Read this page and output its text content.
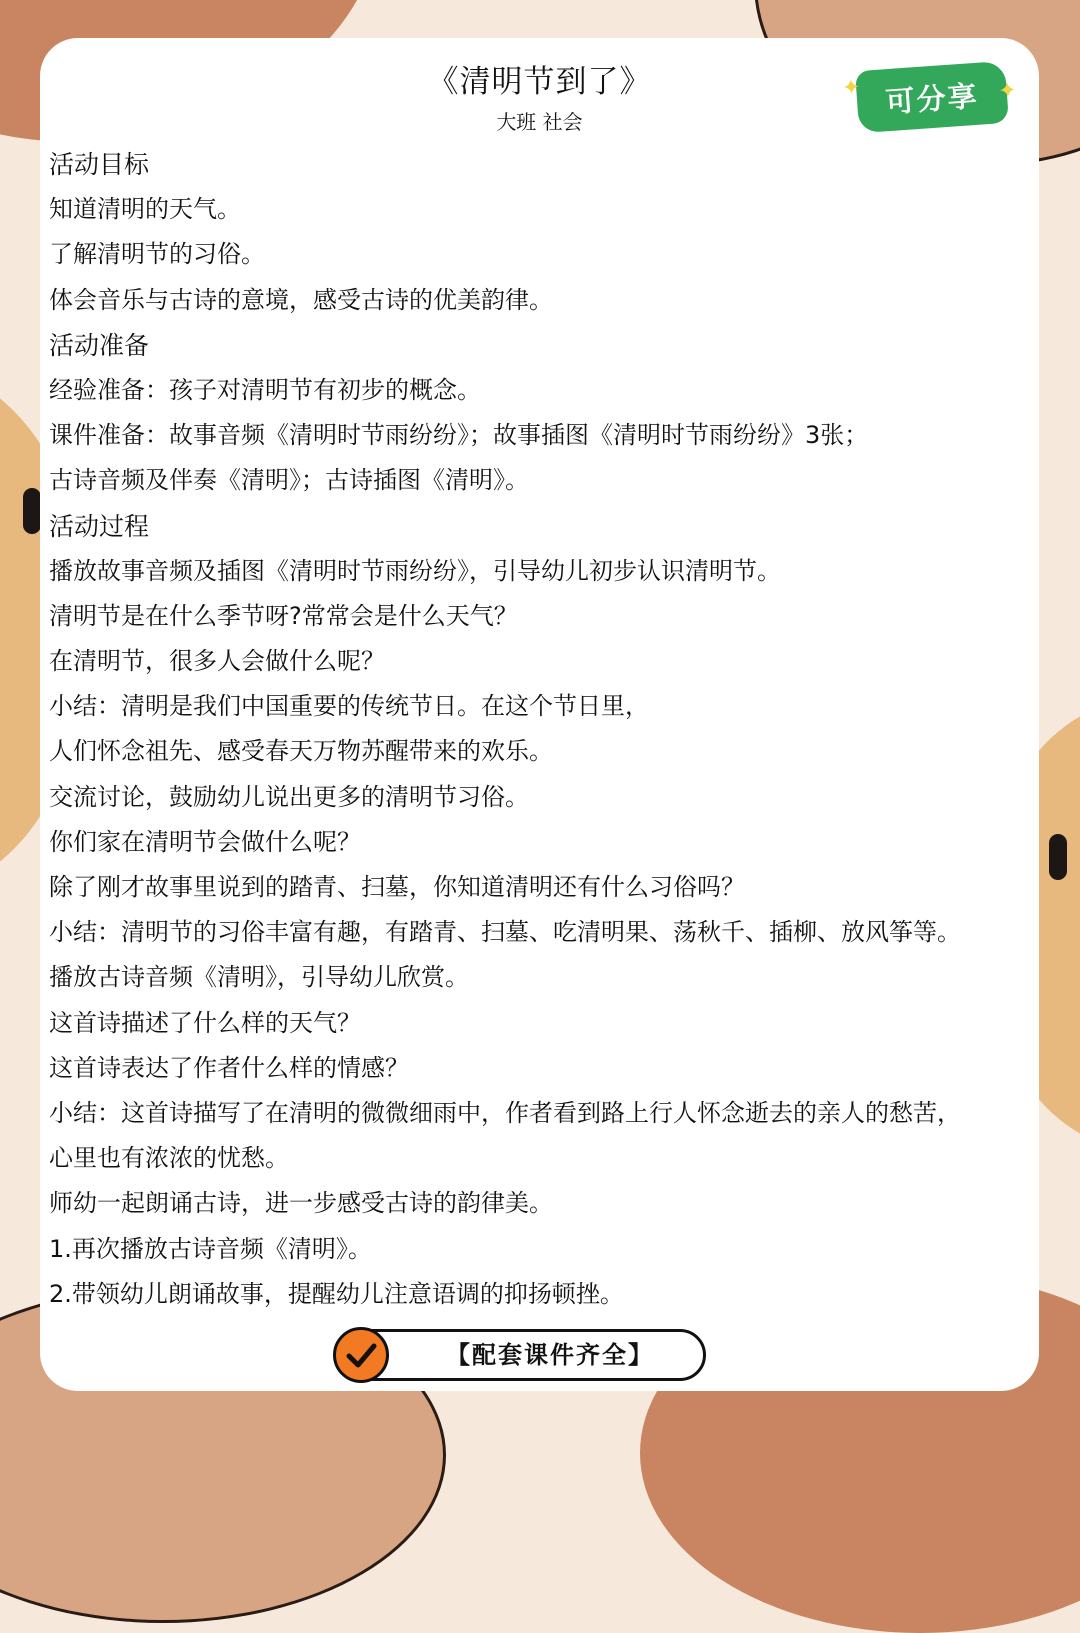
《清明节到了》
大班 社会
✦ 可分享 ✦
活动目标
知道清明的天气。
了解清明节的习俗。
体会音乐与古诗的意境，感受古诗的优美韵律。
活动准备
经验准备：孩子对清明节有初步的概念。
课件准备：故事音频《清明时节雨纷纷》；故事插图《清明时节雨纷纷》3张；
古诗音频及伴奏《清明》；古诗插图《清明》。
活动过程
播放故事音频及插图《清明时节雨纷纷》，引导幼儿初步认识清明节。
清明节是在什么季节呀?常常会是什么天气？
在清明节，很多人会做什么呢？
小结：清明是我们中国重要的传统节日。在这个节日里，
人们怀念祖先、感受春天万物苏醒带来的欢乐。
交流讨论，鼓励幼儿说出更多的清明节习俗。
你们家在清明节会做什么呢？
除了刚才故事里说到的踏青、扫墓，你知道清明还有什么习俗吗？
小结：清明节的习俗丰富有趣，有踏青、扫墓、吃清明果、荡秋千、插柳、放风筝等。
播放古诗音频《清明》，引导幼儿欣赏。
这首诗描述了什么样的天气？
这首诗表达了作者什么样的情感？
小结：这首诗描写了在清明的微微细雨中，作者看到路上行人怀念逝去的亲人的愁苦，
心里也有浓浓的忧愁。
师幼一起朗诵古诗，进一步感受古诗的韵律美。
1.再次播放古诗音频《清明》。
2.带领幼儿朗诵故事，提醒幼儿注意语调的抑扬顿挫。
【配套课件齐全】
